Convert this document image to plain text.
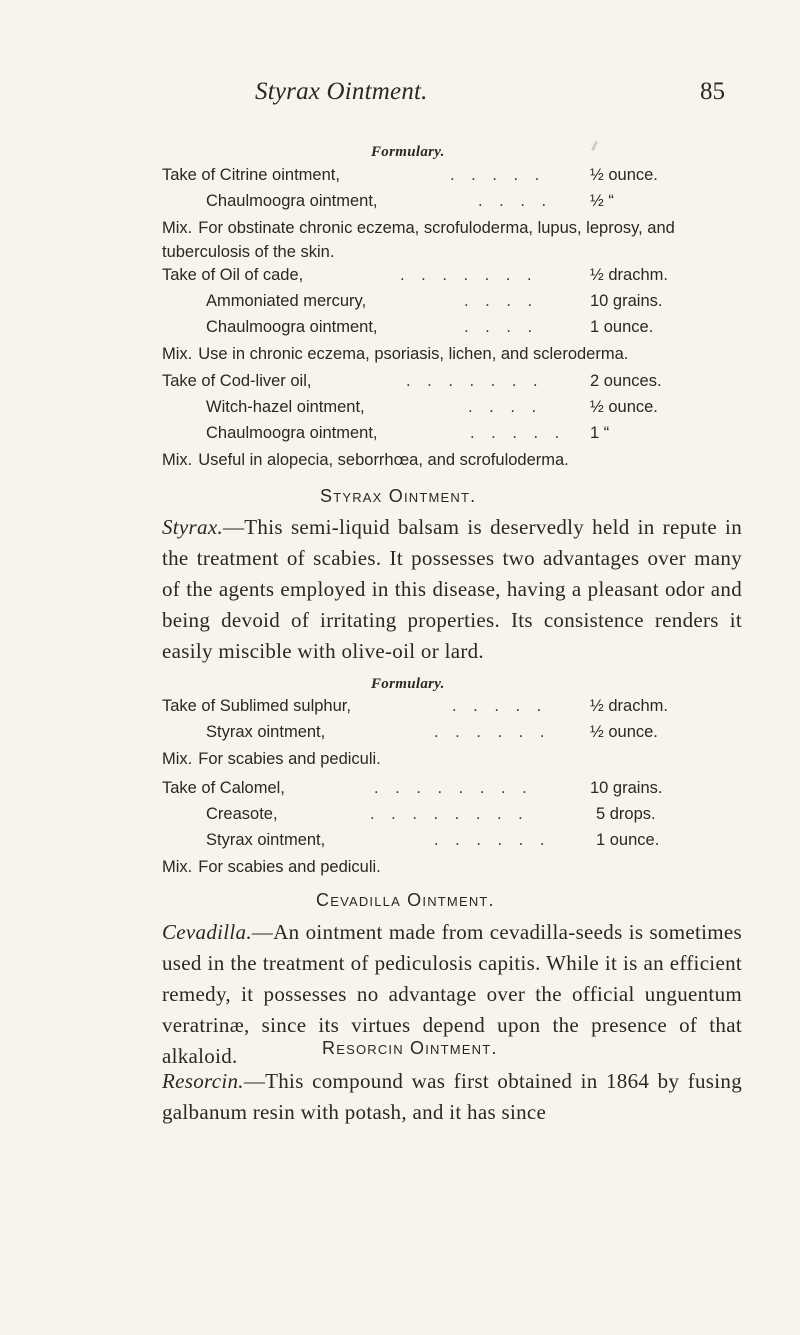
Styrax Ointment.	85
Formulary.
Take of Citrine ointment,	. . . . .	½ ounce.
Chaulmoogra ointment,	. . . . ½ “
Mix. For obstinate chronic eczema, scrofuloderma, lupus, leprosy, and tuberculosis of the skin.
Take of Oil of cade,	. . . . . . .	½ drachm.
Ammoniated mercury,	. . . .	10 grains.
Chaulmoogra ointment,	. . . .	1 ounce.
Mix. Use in chronic eczema, psoriasis, lichen, and scleroderma.
Take of Cod-liver oil,	. . . . . . .	2 ounces.
Witch-hazel ointment,	. . . .	½ ounce.
Chaulmoogra ointment,	. . . . . 1 “
Mix. Useful in alopecia, seborrhœa, and scrofuloderma.
Styrax Ointment.
Styrax.—This semi-liquid balsam is deservedly held in repute in the treatment of scabies. It possesses two advantages over many of the agents employed in this disease, having a pleasant odor and being devoid of irritating properties. Its consistence renders it easily miscible with olive-oil or lard.
Formulary.
Take of Sublimed sulphur,	. . . . .	½ drachm.
Styrax ointment,	. . . . . . ½ ounce.
Mix. For scabies and pediculi.
Take of Calomel,	. . . . . . . .	10 grains.
Creasote,	. . . . . . . .	5 drops.
Styrax ointment,	. . . . . .	1 ounce.
Mix. For scabies and pediculi.
Cevadilla Ointment.
Cevadilla.—An ointment made from cevadilla-seeds is sometimes used in the treatment of pediculosis capitis. While it is an efficient remedy, it possesses no advantage over the official unguentum veratrinæ, since its virtues depend upon the presence of that alkaloid.	Resorcin Ointment.
Resorcin.—This compound was first obtained in 1864 by fusing galbanum resin with potash, and it has since
